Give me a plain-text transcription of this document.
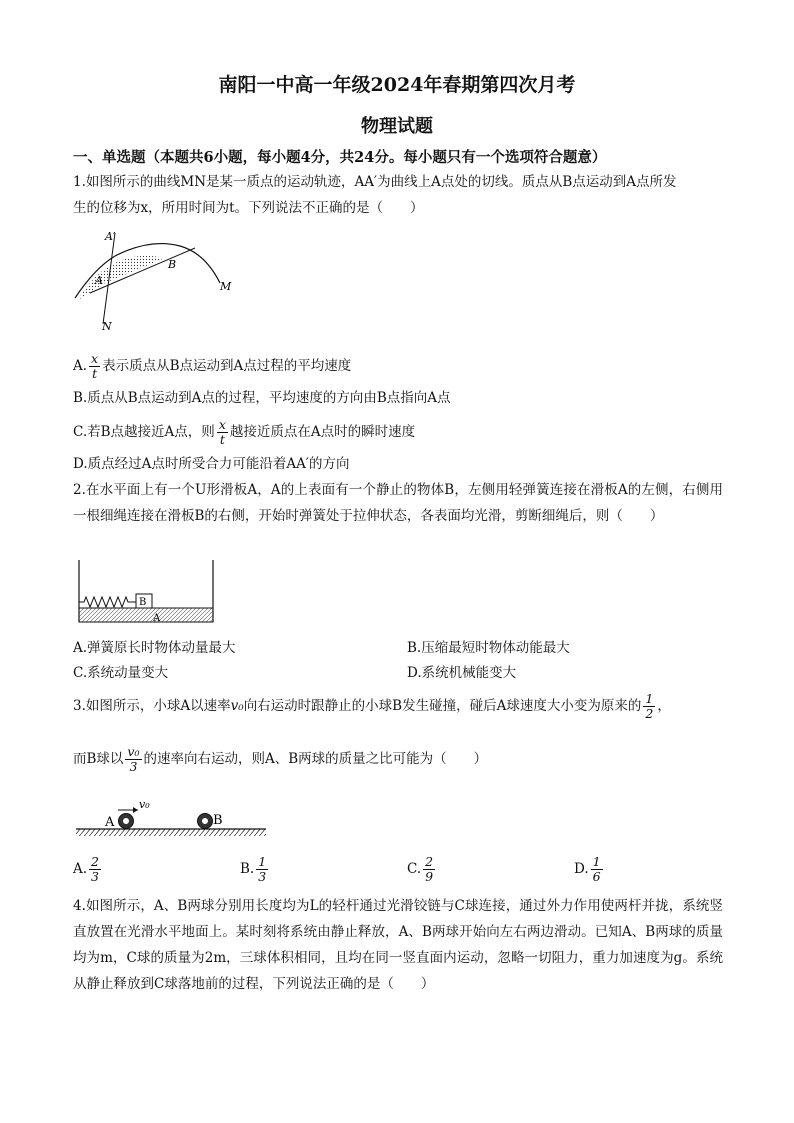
南阳一中高一年级2024年春期第四次月考
物理试题
一、单选题（本题共6小题，每小题4分，共24分。每小题只有一个选项符合题意）
1.如图所示的曲线MN是某一质点的运动轨迹，AA′为曲线上A点处的切线。质点从B点运动到A点所发
生的位移为x，所用时间为t。下列说法不正确的是（　　）
A′
A
B
M
N
A. $\frac{x}{t}$ 表示质点从B点运动到A点过程的平均速度
B.质点从B点运动到A点的过程，平均速度的方向由B点指向A点
C.若B点越接近A点，则 $\frac{x}{t}$ 越接近质点在A点时的瞬时速度
D.质点经过A点时所受合力可能沿着AA′的方向
2.在水平面上有一个U形滑板A，A的上表面有一个静止的物体B，左侧用轻弹簧连接在滑板A的左侧，右侧用一根细绳连接在滑板B的右侧，开始时弹簧处于拉伸状态，各表面均光滑，剪断细绳后，则（　　）
B
A
A.弹簧原长时物体动量最大	B.压缩最短时物体动能最大
C.系统动量变大	D.系统机械能变大
3.如图所示，小球A以速率v₀向右运动时跟静止的小球B发生碰撞，碰后A球速度大小变为原来的 $\frac{1}{2}$ ，
而B球以 $\frac{\text{v₀}}{3}$ 的速率向右运动，则A、B两球的质量之比可能为（　　）
A	B
v₀
A. $\frac{2}{3}$	B. $\frac{1}{3}$	C. $\frac{2}{9}$	D. $\frac{1}{6}$
4.如图所示，A、B两球分别用长度均为L的轻杆通过光滑铰链与C球连接，通过外力作用使两杆并拢，系统竖直放置在光滑水平地面上。某时刻将系统由静止释放，A、B两球开始向左右两边滑动。已知A、B两球的质量均为m，C球的质量为2m，三球体积相同，且均在同一竖直面内运动，忽略一切阻力，重力加速度为g。系统从静止释放到C球落地前的过程，下列说法正确的是（　　）
